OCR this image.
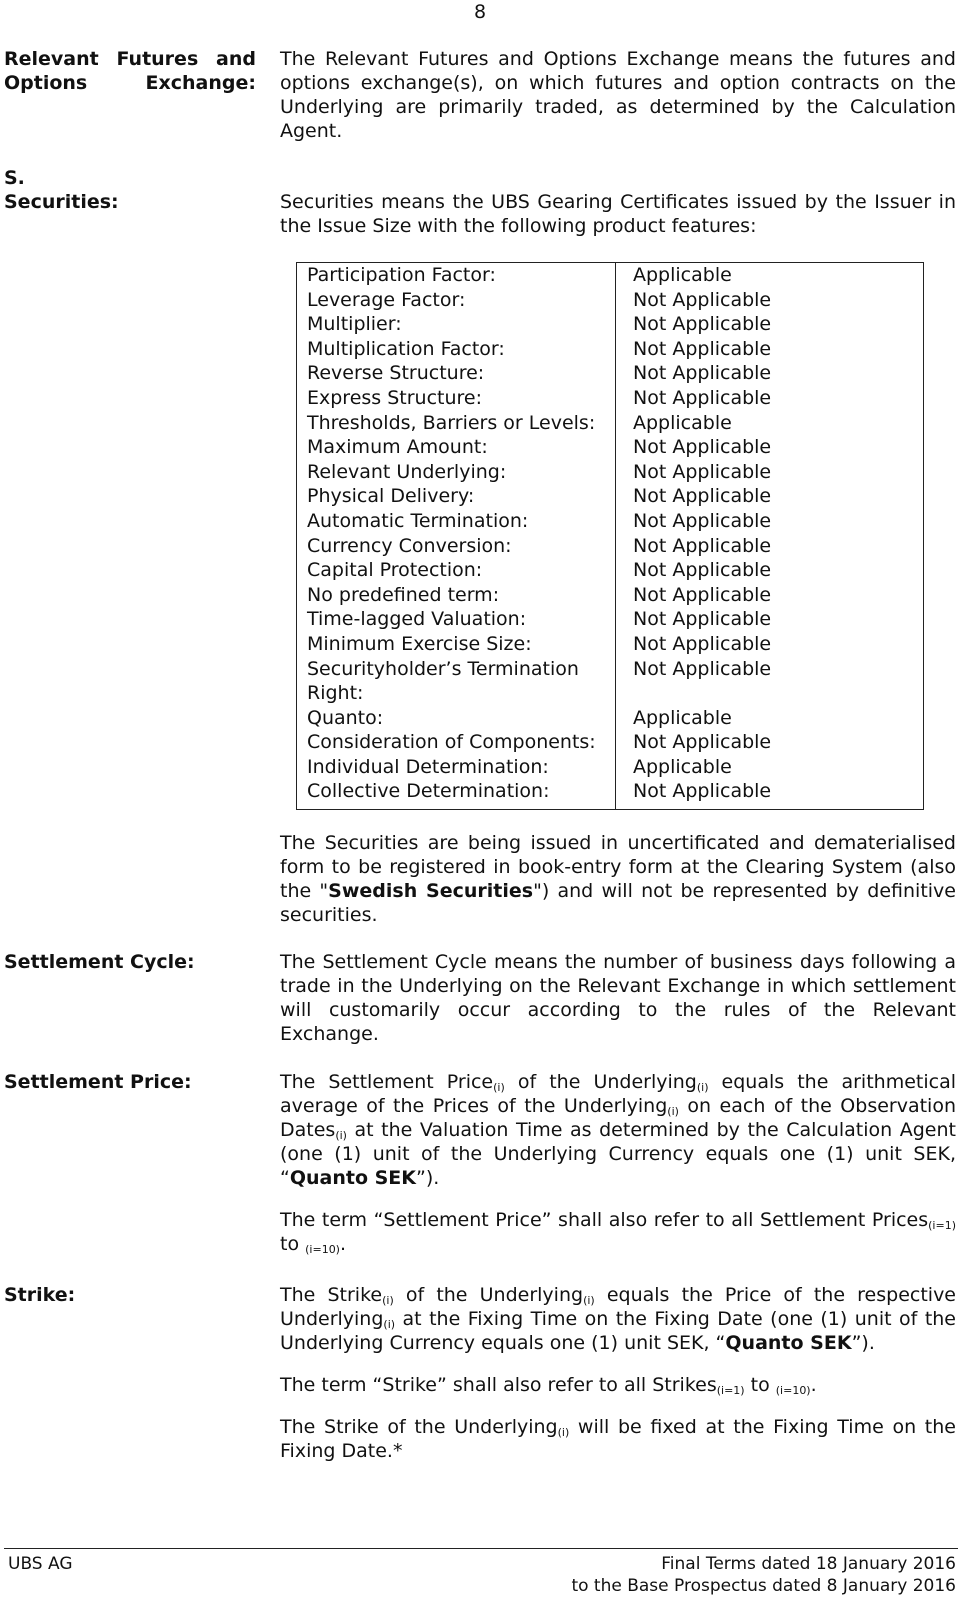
8
Relevant Futures and Options Exchange:
The Relevant Futures and Options Exchange means the futures and options exchange(s), on which futures and option contracts on the Underlying are primarily traded, as determined by the Calculation Agent.
S.
Securities:	Securities means the UBS Gearing Certificates issued by the Issuer in the Issue Size with the following product features:
Participation Factor:	Applicable
Leverage Factor:	Not Applicable
Multiplier:	Not Applicable
Multiplication Factor:	Not Applicable
Reverse Structure:	Not Applicable
Express Structure:	Not Applicable
Thresholds, Barriers or Levels:	Applicable
Maximum Amount:	Not Applicable
Relevant Underlying:	Not Applicable
Physical Delivery:	Not Applicable
Automatic Termination:	Not Applicable
Currency Conversion:	Not Applicable
Capital Protection:	Not Applicable
No predefined term:	Not Applicable
Time-lagged Valuation:	Not Applicable
Minimum Exercise Size:	Not Applicable
Securityholder’s Termination Right:
Not Applicable
Quanto:	Applicable
Consideration of Components:	Not Applicable
Individual Determination:	Applicable
Collective Determination:	Not Applicable
The Securities are being issued in uncertificated and dematerialised form to be registered in book-entry form at the Clearing System (also the "Swedish Securities") and will not be represented by definitive securities.
Settlement Cycle:	The Settlement Cycle means the number of business days following a trade in the Underlying on the Relevant Exchange in which settlement will customarily occur according to the rules of the Relevant Exchange.
Settlement Price:	The Settlement Price$_{(i)}$ of the Underlying$_{(i)}$ equals the arithmetical average of the Prices of the Underlying$_{(i)}$ on each of the Observation Dates$_{(i)}$ at the Valuation Time as determined by the Calculation Agent (one (1) unit of the Underlying Currency equals one (1) unit SEK, “Quanto SEK”).

The term “Settlement Price” shall also refer to all Settlement Prices$_{(i=1)}$ to $_{(i=10)}$.

Strike:	The Strike$_{(i)}$ of the Underlying$_{(i)}$ equals the Price of the respective Underlying$_{(i)}$ at the Fixing Time on the Fixing Date (one (1) unit of the Underlying Currency equals one (1) unit SEK, “Quanto SEK”).

The term “Strike” shall also refer to all Strikes$_{(i=1)}$ to $_{(i=10)}$.

The Strike of the Underlying$_{(i)}$ will be fixed at the Fixing Time on the Fixing Date.*

UBS AG	Final Terms dated 18 January 2016
to the Base Prospectus dated 8 January 2016
